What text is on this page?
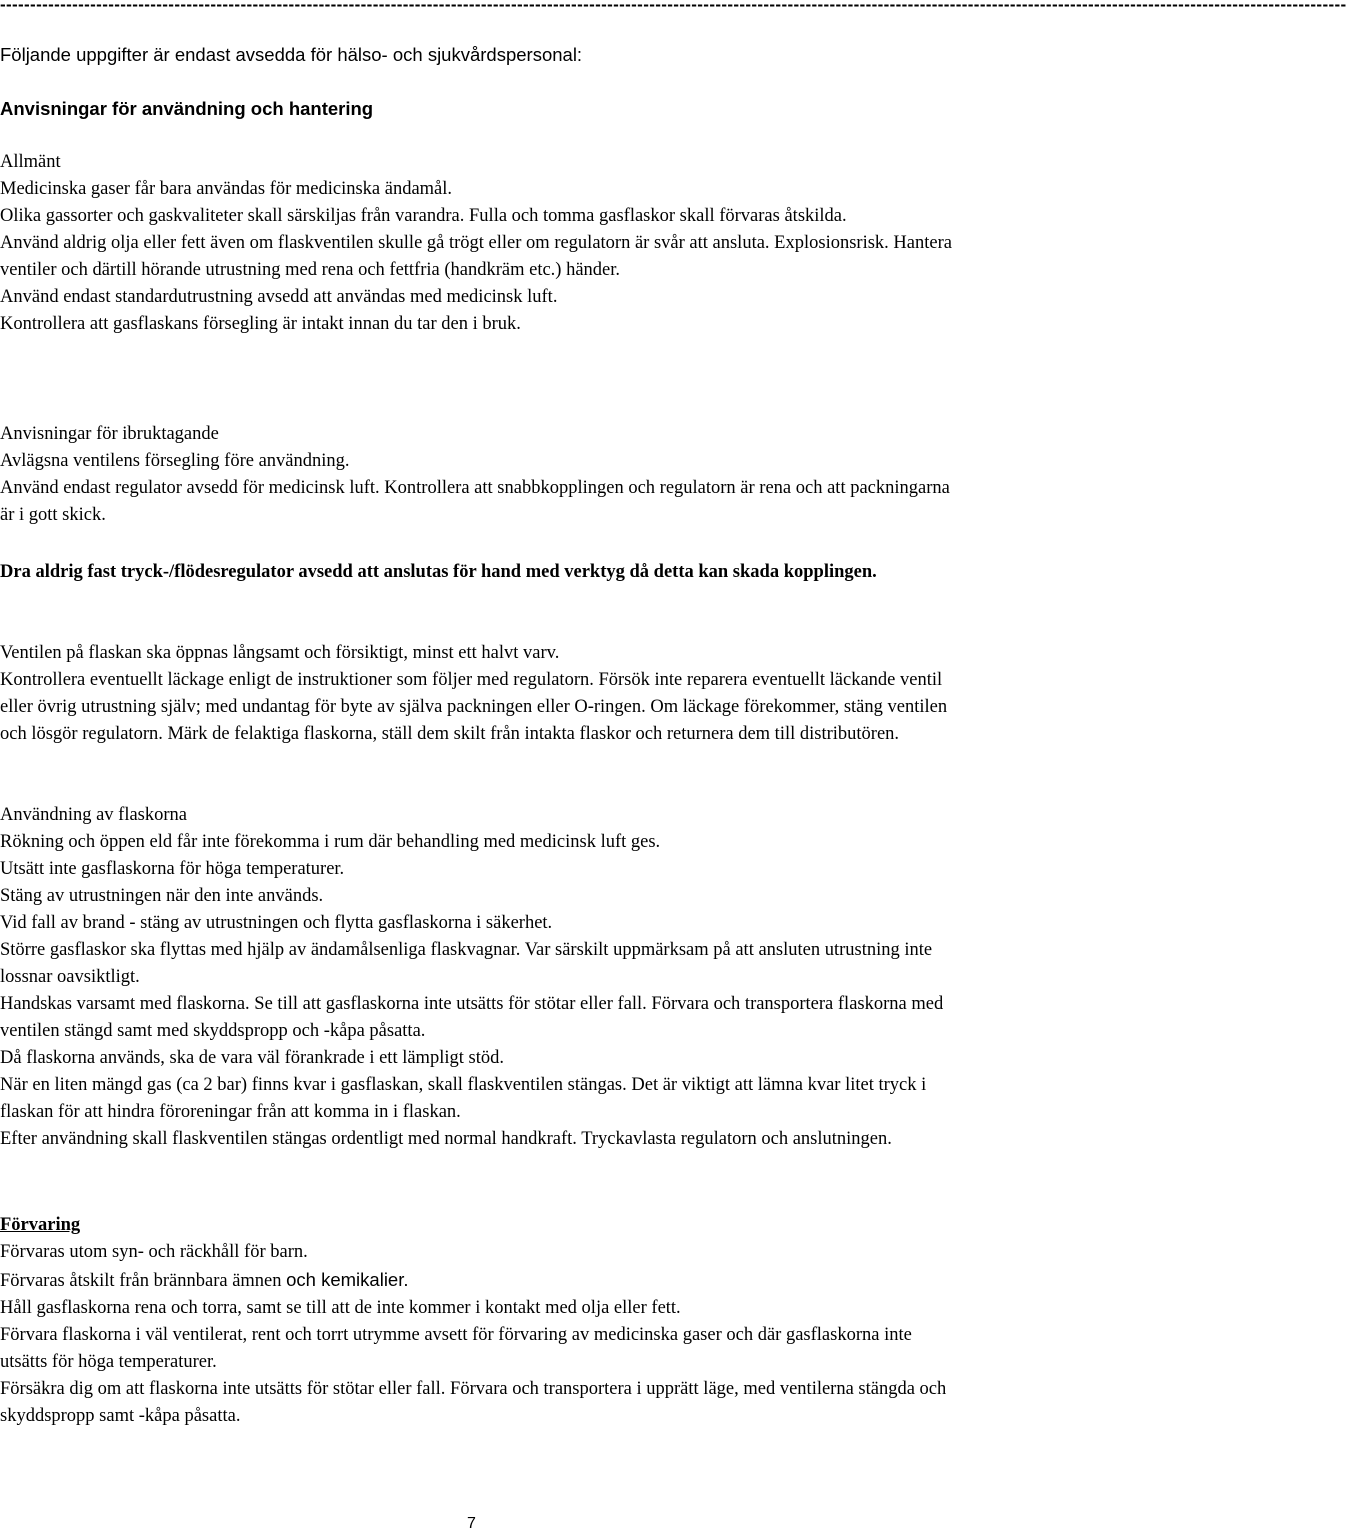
--------------------------------------------------------------------------------------------------------------------------------------------------------------------------------------------------------------------------------

Följande uppgifter är endast avsedda för hälso- och sjukvårdspersonal:

Anvisningar för användning och hantering

Allmänt

Medicinska gaser får bara användas för medicinska ändamål.

Olika gassorter och gaskvaliteter skall särskiljas från varandra. Fulla och tomma gasflaskor skall förvaras åtskilda.

Använd aldrig olja eller fett även om flaskventilen skulle gå trögt eller om regulatorn är svår att ansluta. Explosionsrisk. Hantera ventiler och därtill hörande utrustning med rena och fettfria (handkräm etc.) händer.

Använd endast standardutrustning avsedd att användas med medicinsk luft.

Kontrollera att gasflaskans försegling är intakt innan du tar den i bruk.

Anvisningar för ibruktagande

Avlägsna ventilens försegling före användning.

Använd endast regulator avsedd för medicinsk luft. Kontrollera att snabbkopplingen och regulatorn är rena och att packningarna är i gott skick.

Dra aldrig fast tryck-/flödesregulator avsedd att anslutas för hand med verktyg då detta kan skada kopplingen.

Ventilen på flaskan ska öppnas långsamt och försiktigt, minst ett halvt varv.

Kontrollera eventuellt läckage enligt de instruktioner som följer med regulatorn. Försök inte reparera eventuellt läckande ventil eller övrig utrustning själv; med undantag för byte av själva packningen eller O-ringen. Om läckage förekommer, stäng ventilen och lösgör regulatorn. Märk de felaktiga flaskorna, ställ dem skilt från intakta flaskor och returnera dem till distributören.

Användning av flaskorna

Rökning och öppen eld får inte förekomma i rum där behandling med medicinsk luft ges.

Utsätt inte gasflaskorna för höga temperaturer.

Stäng av utrustningen när den inte används.

Vid fall av brand - stäng av utrustningen och flytta gasflaskorna i säkerhet.

Större gasflaskor ska flyttas med hjälp av ändamålsenliga flaskvagnar. Var särskilt uppmärksam på att ansluten utrustning inte lossnar oavsiktligt.

Handskas varsamt med flaskorna. Se till att gasflaskorna inte utsätts för stötar eller fall. Förvara och transportera flaskorna med ventilen stängd samt med skyddspropp och -kåpa påsatta.

Då flaskorna används, ska de vara väl förankrade i ett lämpligt stöd.

När en liten mängd gas (ca 2 bar) finns kvar i gasflaskan, skall flaskventilen stängas. Det är viktigt att lämna kvar litet tryck i flaskan för att hindra föroreningar från att komma in i flaskan.

Efter användning skall flaskventilen stängas ordentligt med normal handkraft. Tryckavlasta regulatorn och anslutningen.

Förvaring

Förvaras utom syn- och räckhåll för barn.

Förvaras åtskilt från brännbara ämnen och kemikalier.

Håll gasflaskorna rena och torra, samt se till att de inte kommer i kontakt med olja eller fett.

Förvara flaskorna i väl ventilerat, rent och torrt utrymme avsett för förvaring av medicinska gaser och där gasflaskorna inte utsätts för höga temperaturer.

Försäkra dig om att flaskorna inte utsätts för stötar eller fall. Förvara och transportera i upprätt läge, med ventilerna stängda och skyddspropp samt -kåpa påsatta.

7
